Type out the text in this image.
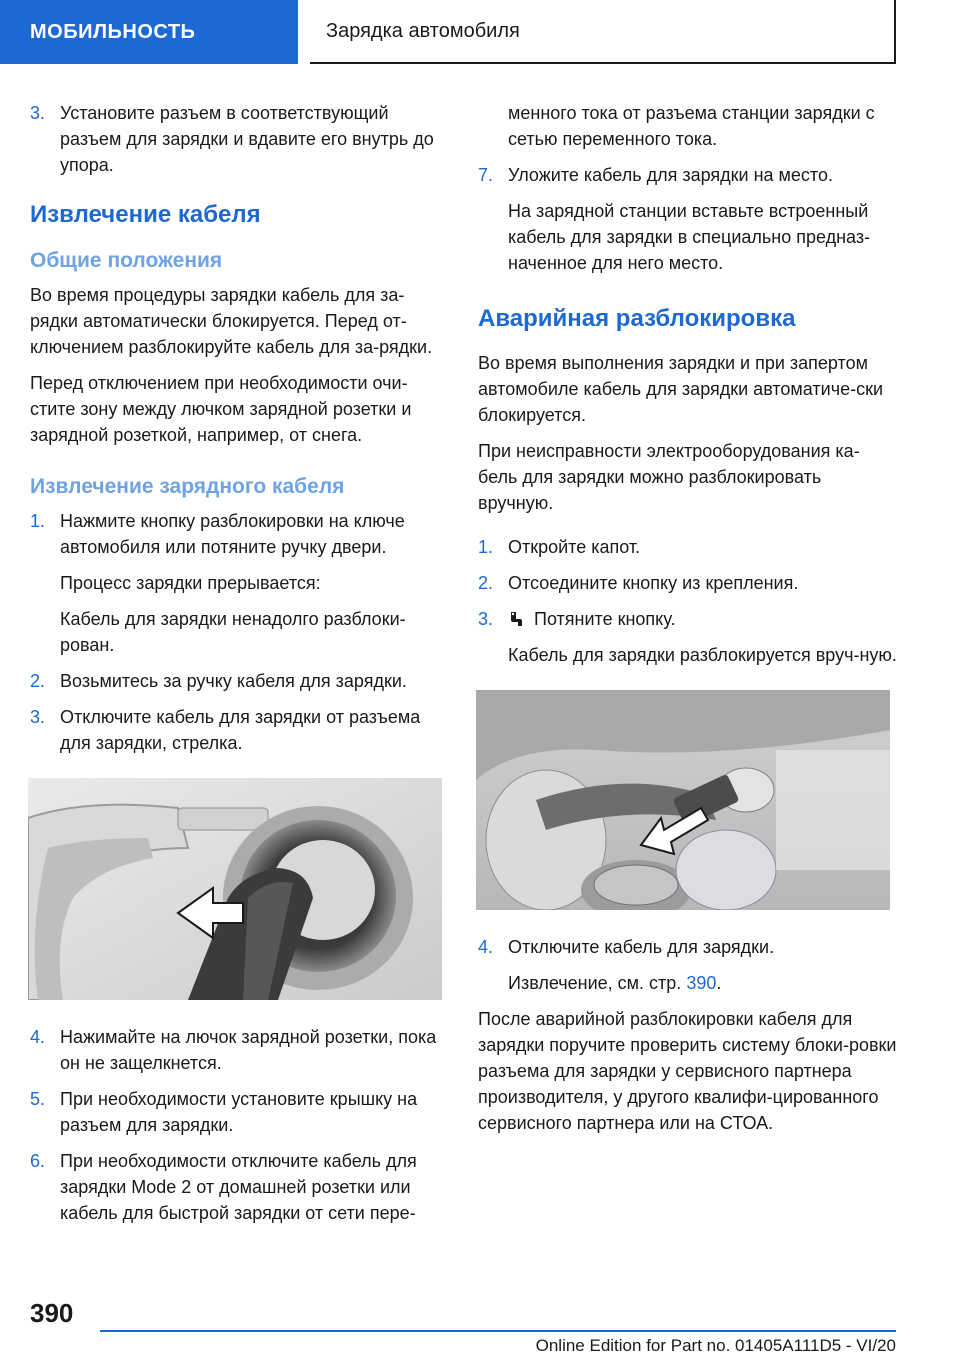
МОБИЛЬНОСТЬ	Зарядка автомобиля
3. Установите разъем в соответствующий разъем для зарядки и вдавите его внутрь до упора.
Извлечение кабеля
Общие положения
Во время процедуры зарядки кабель для за-рядки автоматически блокируется. Перед от-ключением разблокируйте кабель для за-рядки.
Перед отключением при необходимости очи-стите зону между лючком зарядной розетки и зарядной розеткой, например, от снега.
Извлечение зарядного кабеля
1. Нажмите кнопку разблокировки на ключе автомобиля или потяните ручку двери.
Процесс зарядки прерывается:
Кабель для зарядки ненадолго разблоки-рован.
2. Возьмитесь за ручку кабеля для зарядки.
3. Отключите кабель для зарядки от разъема для зарядки, стрелка.
4. Нажимайте на лючок зарядной розетки, пока он не защелкнется.
5. При необходимости установите крышку на разъем для зарядки.
6. При необходимости отключите кабель для зарядки Mode 2 от домашней розетки или кабель для быстрой зарядки от сети пере-
менного тока от разъема станции зарядки с сетью переменного тока.
7. Уложите кабель для зарядки на место.
На зарядной станции вставьте встроенный кабель для зарядки в специально предназ-наченное для него место.
Аварийная разблокировка
Во время выполнения зарядки и при запертом автомобиле кабель для зарядки автоматиче-ски блокируется.
При неисправности электрооборудования ка-бель для зарядки можно разблокировать вручную.
1. Откройте капот.
2. Отсоедините кнопку из крепления.
3.	Потяните кнопку.
Кабель для зарядки разблокируется вруч-ную.
4. Отключите кабель для зарядки.
Извлечение, см. стр. 390.
После аварийной разблокировки кабеля для зарядки поручите проверить систему блоки-ровки разъема для зарядки у сервисного партнера производителя, у другого квалифи-цированного сервисного партнера или на СТОА.
390
Online Edition for Part no. 01405A111D5 - VI/20
